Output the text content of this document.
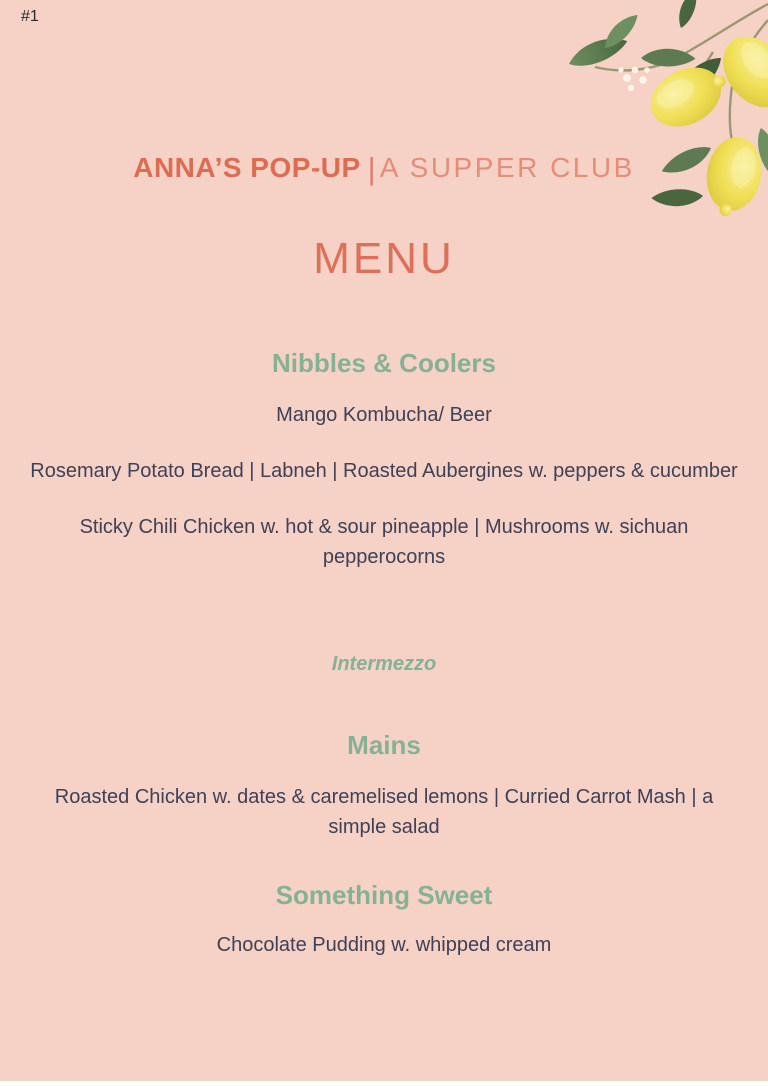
#1
ANNA’S POP-UP | A SUPPER CLUB
MENU
Nibbles & Coolers

Mango Kombucha/ Beer

Rosemary Potato Bread | Labneh | Roasted Aubergines w. peppers & cucumber

Sticky Chili Chicken w. hot & sour pineapple | Mushrooms w. sichuan pepperocorns

Intermezzo
Mains

Roasted Chicken w. dates & caremelised lemons | Curried Carrot Mash | a simple salad

Something Sweet

Chocolate Pudding w. whipped cream
